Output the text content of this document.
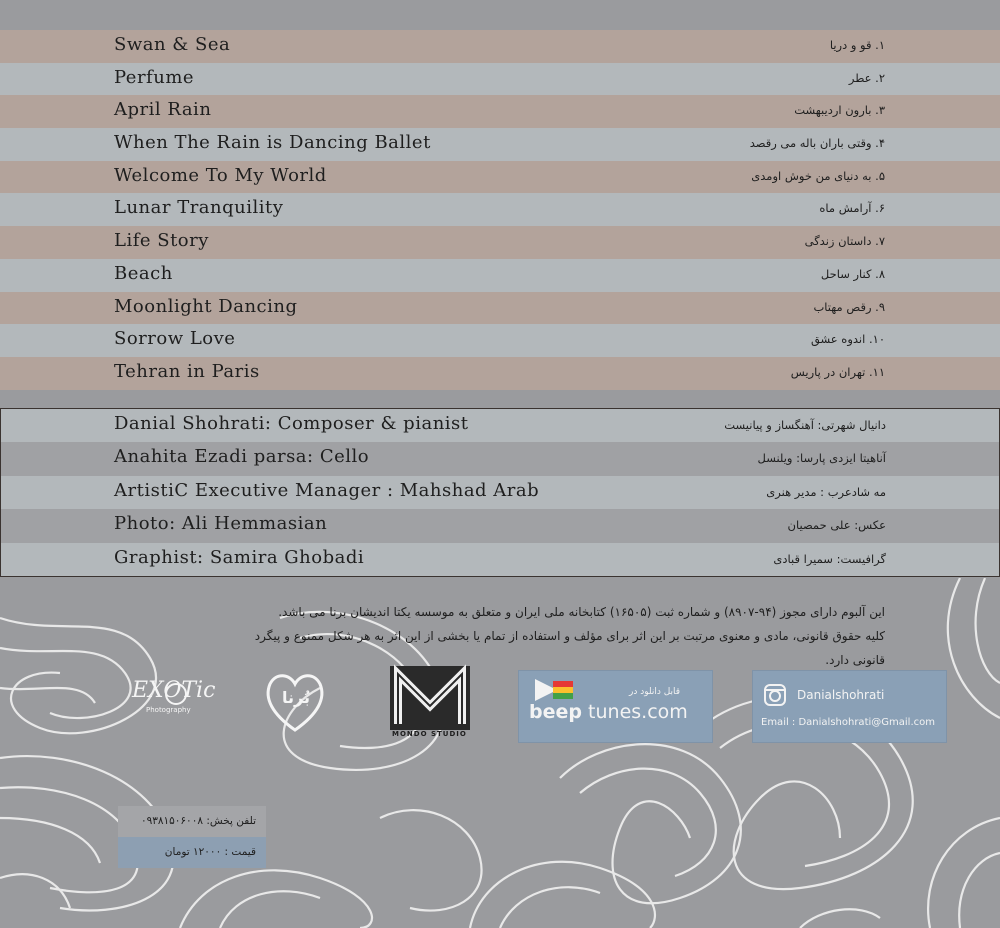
Swan & Sea	۱. قو و دریا
Perfume	۲. عطر
April Rain	۳. بارون اردیبهشت
When The Rain is Dancing Ballet	۴. وقتی باران باله می رقصد
Welcome To My World	۵. به دنیای من خوش اومدی
Lunar Tranquility	۶. آرامش ماه
Life Story	۷. داستان زندگی
Beach	۸. کنار ساحل
Moonlight Dancing	۹. رقص مهتاب
Sorrow Love	۱۰. اندوه عشق
Tehran in Paris	۱۱. تهران در پاریس
Danial Shohrati: Composer & pianist	دانیال شهرتی: آهنگساز و پیانیست
Anahita Ezadi parsa: Cello	آناهیتا ایزدی پارسا: ویلنسل
ArtistiC Executive Manager : Mahshad Arab	مه شادعرب : مدیر هنری
Photo: Ali Hemmasian	عکس: علی حمصیان
Graphist: Samira Ghobadi	گرافیست: سمیرا قبادی
این آلبوم دارای مجوز (۹۴-۸۹۰۷) و شماره ثبت (۱۶۵۰۵) کتابخانه ملی ایران و متعلق به موسسه یکتا اندیشان برنا می باشد.
کلیه حقوق قانونی، مادی و معنوی مرتبت بر این اثر برای مؤلف و استفاده از تمام یا بخشی از این اثر به هر شکل ممنوع و پیگرد
قانونی دارد.
EXOTic
Photography
بُرنا
MONDO STUDIO
قابل دانلود در
beep tunes.com
Danialshohrati
Email : Danialshohrati@Gmail.com
تلفن پخش: ۰۹۳۸۱۵۰۶۰۰۸
قیمت : ۱۲۰۰۰ تومان
